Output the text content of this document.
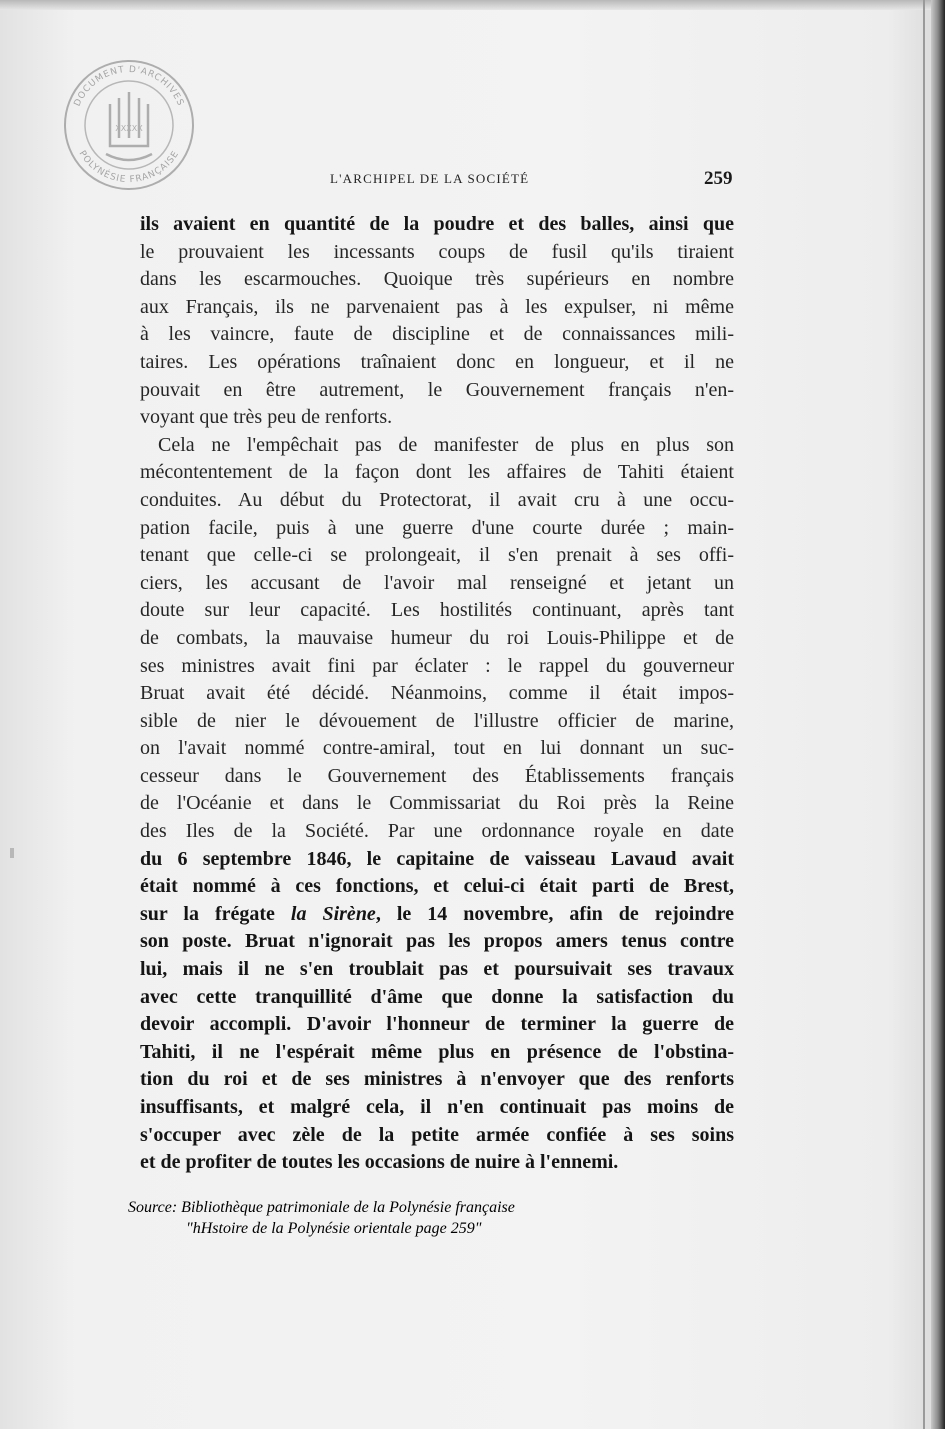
DOCUMENT D'ARCHIVES
POLYNÉSIE FRANÇAISE
XXXXX
L'ARCHIPEL DE LA SOCIÉTÉ	259
ils avaient en quantité de la poudre et des balles, ainsi que
le prouvaient les incessants coups de fusil qu'ils tiraient
dans les escarmouches. Quoique très supérieurs en nombre
aux Français, ils ne parvenaient pas à les expulser, ni même
à les vaincre, faute de discipline et de connaissances mili-
taires. Les opérations traînaient donc en longueur, et il ne
pouvait en être autrement, le Gouvernement français n'en-
voyant que très peu de renforts.
Cela ne l'empêchait pas de manifester de plus en plus son
mécontentement de la façon dont les affaires de Tahiti étaient
conduites. Au début du Protectorat, il avait cru à une occu-
pation facile, puis à une guerre d'une courte durée ; main-
tenant que celle-ci se prolongeait, il s'en prenait à ses offi-
ciers, les accusant de l'avoir mal renseigné et jetant un
doute sur leur capacité. Les hostilités continuant, après tant
de combats, la mauvaise humeur du roi Louis-Philippe et de
ses ministres avait fini par éclater : le rappel du gouverneur
Bruat avait été décidé. Néanmoins, comme il était impos-
sible de nier le dévouement de l'illustre officier de marine,
on l'avait nommé contre-amiral, tout en lui donnant un suc-
cesseur dans le Gouvernement des Établissements français
de l'Océanie et dans le Commissariat du Roi près la Reine
des Iles de la Société. Par une ordonnance royale en date
du 6 septembre 1846, le capitaine de vaisseau Lavaud avait
était nommé à ces fonctions, et celui-ci était parti de Brest,
sur la frégate la Sirène, le 14 novembre, afin de rejoindre
son poste. Bruat n'ignorait pas les propos amers tenus contre
lui, mais il ne s'en troublait pas et poursuivait ses travaux
avec cette tranquillité d'âme que donne la satisfaction du
devoir accompli. D'avoir l'honneur de terminer la guerre de
Tahiti, il ne l'espérait même plus en présence de l'obstina-
tion du roi et de ses ministres à n'envoyer que des renforts
insuffisants, et malgré cela, il n'en continuait pas moins de
s'occuper avec zèle de la petite armée confiée à ses soins
et de profiter de toutes les occasions de nuire à l'ennemi.
Source: Bibliothèque patrimoniale de la Polynésie française
"hHstoire de la Polynésie orientale page 259"
